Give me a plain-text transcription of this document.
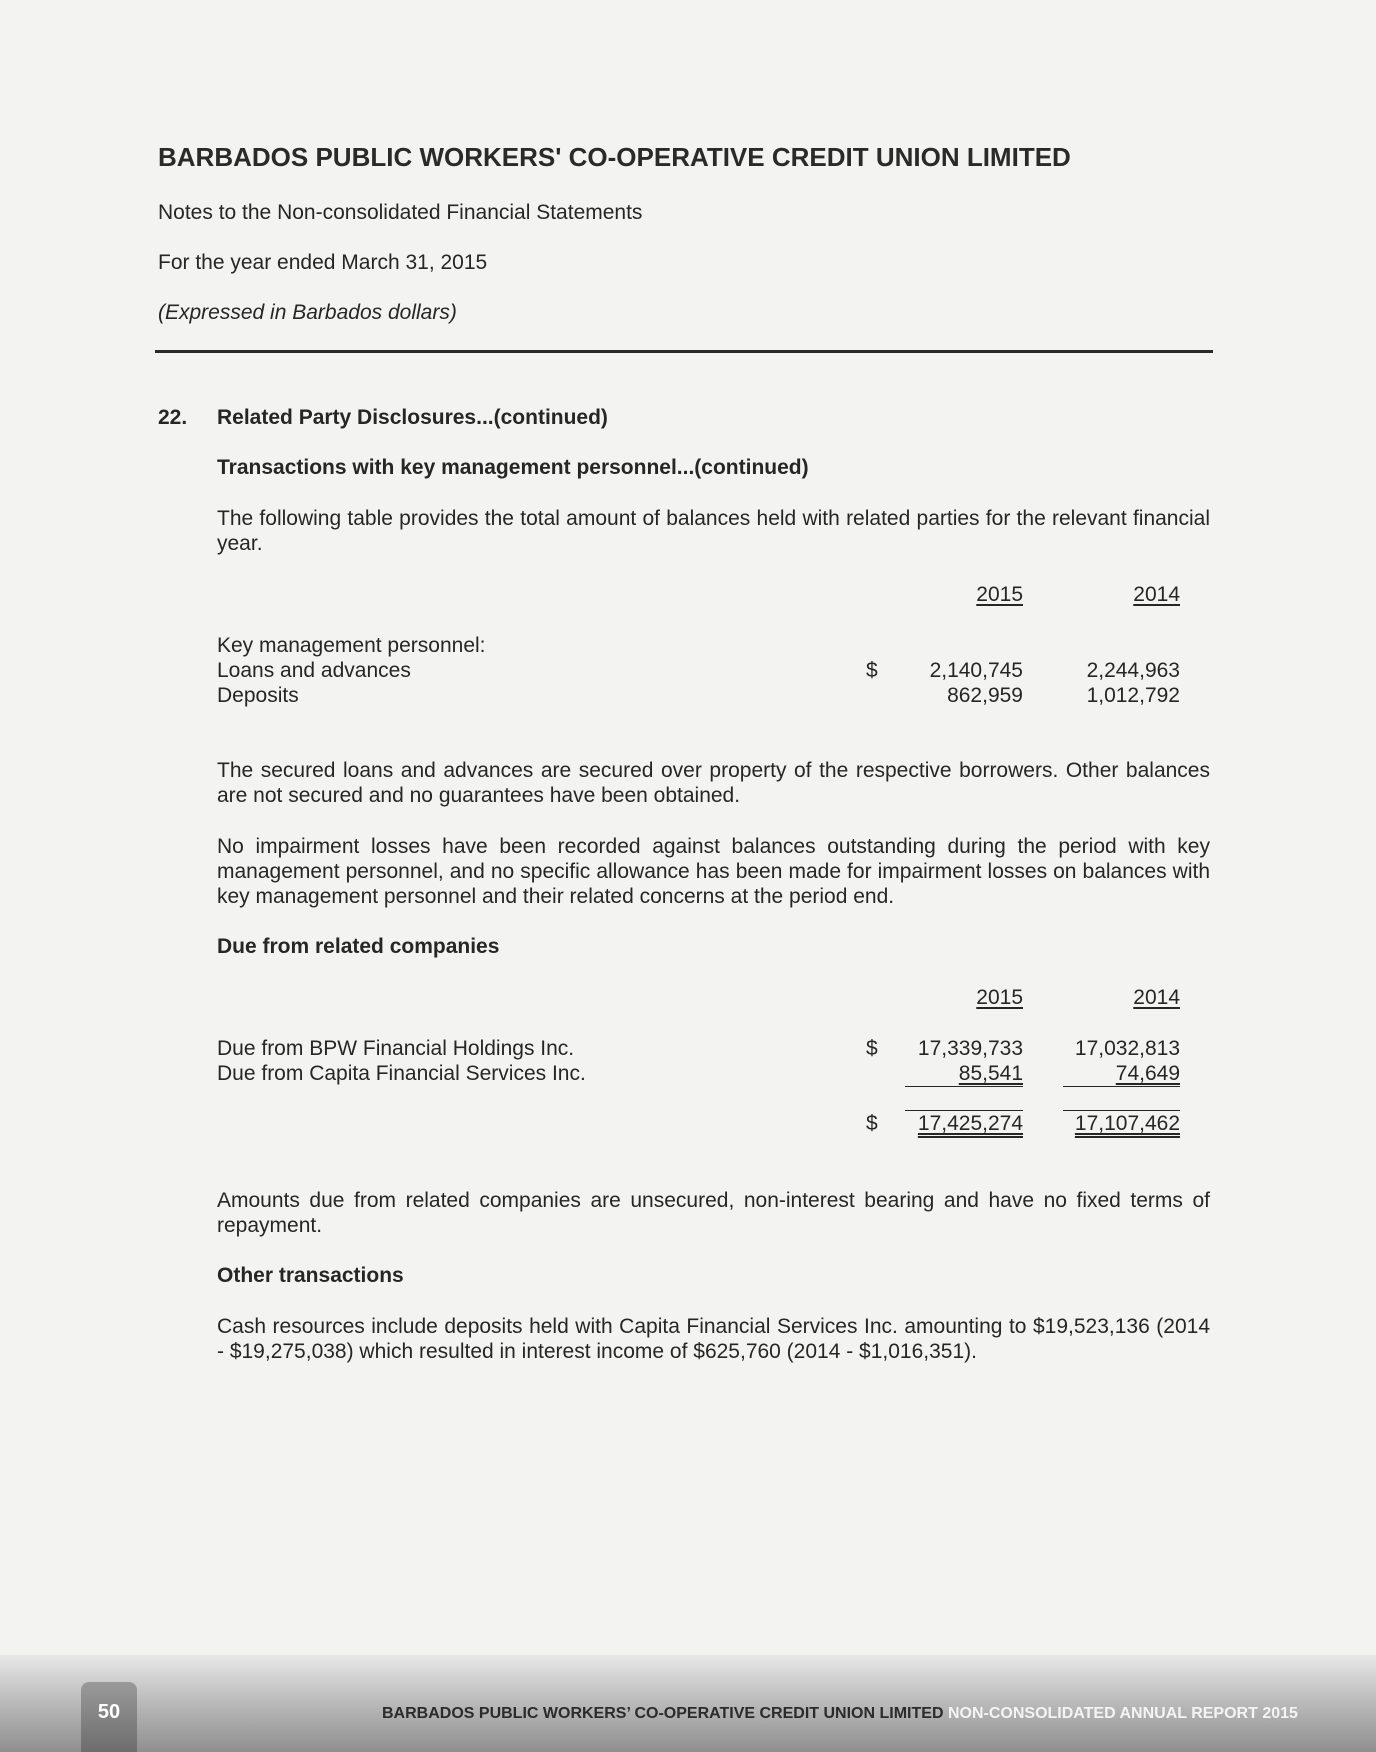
BARBADOS PUBLIC WORKERS' CO-OPERATIVE CREDIT UNION LIMITED
Notes to the Non-consolidated Financial Statements
For the year ended March 31, 2015
(Expressed in Barbados dollars)
22. Related Party Disclosures...(continued)
Transactions with key management personnel...(continued)
The following table provides the total amount of balances held with related parties for the relevant financial year.
2015	2014
Key management personnel:
Loans and advances	$	2,140,745	2,244,963
Deposits	862,959	1,012,792
The secured loans and advances are secured over property of the respective borrowers. Other balances are not secured and no guarantees have been obtained.
No impairment losses have been recorded against balances outstanding during the period with key management personnel, and no specific allowance has been made for impairment losses on balances with key management personnel and their related concerns at the period end.
Due from related companies
2015	2014
Due from BPW Financial Holdings Inc.	$	17,339,733	17,032,813
Due from Capita Financial Services Inc.	85,541	74,649
$	17,425,274	17,107,462
Amounts due from related companies are unsecured, non-interest bearing and have no fixed terms of repayment.
Other transactions
Cash resources include deposits held with Capita Financial Services Inc. amounting to $19,523,136 (2014 - $19,275,038) which resulted in interest income of $625,760 (2014 - $1,016,351).
50	BARBADOS PUBLIC WORKERS’ CO-OPERATIVE CREDIT UNION LIMITED NON-CONSOLIDATED ANNUAL REPORT 2015
